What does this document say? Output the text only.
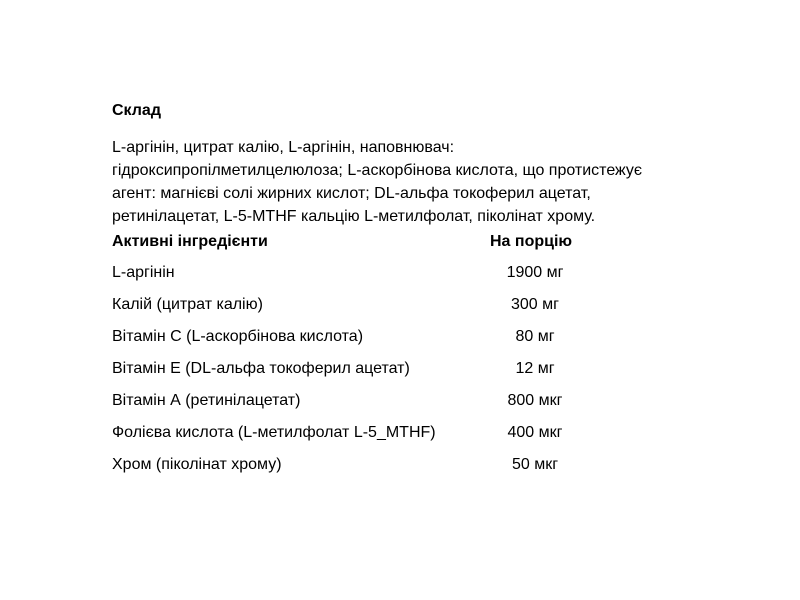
Склад
L-аргінін, цитрат калію, L-аргінін, наповнювач:
гідроксипропілметилцелюлоза; L-аскорбінова кислота, що протистежує
агент: магнієві солі жирних кислот; DL-альфа токоферил ацетат,
ретинілацетат, L-5-MTHF кальцію L-метилфолат, піколінат хрому.
Активні інгредієнти	На порцію
L-аргінін	1900 мг
Калій (цитрат калію)	300 мг
Вітамін С (L-аскорбінова кислота)	80 мг
Вітамін Е (DL-альфа токоферил ацетат)	12 мг
Вітамін А (ретинілацетат)	800 мкг
Фолієва кислота (L-метилфолат L-5_MTHF)	400 мкг
Хром (піколінат хрому)	50 мкг
